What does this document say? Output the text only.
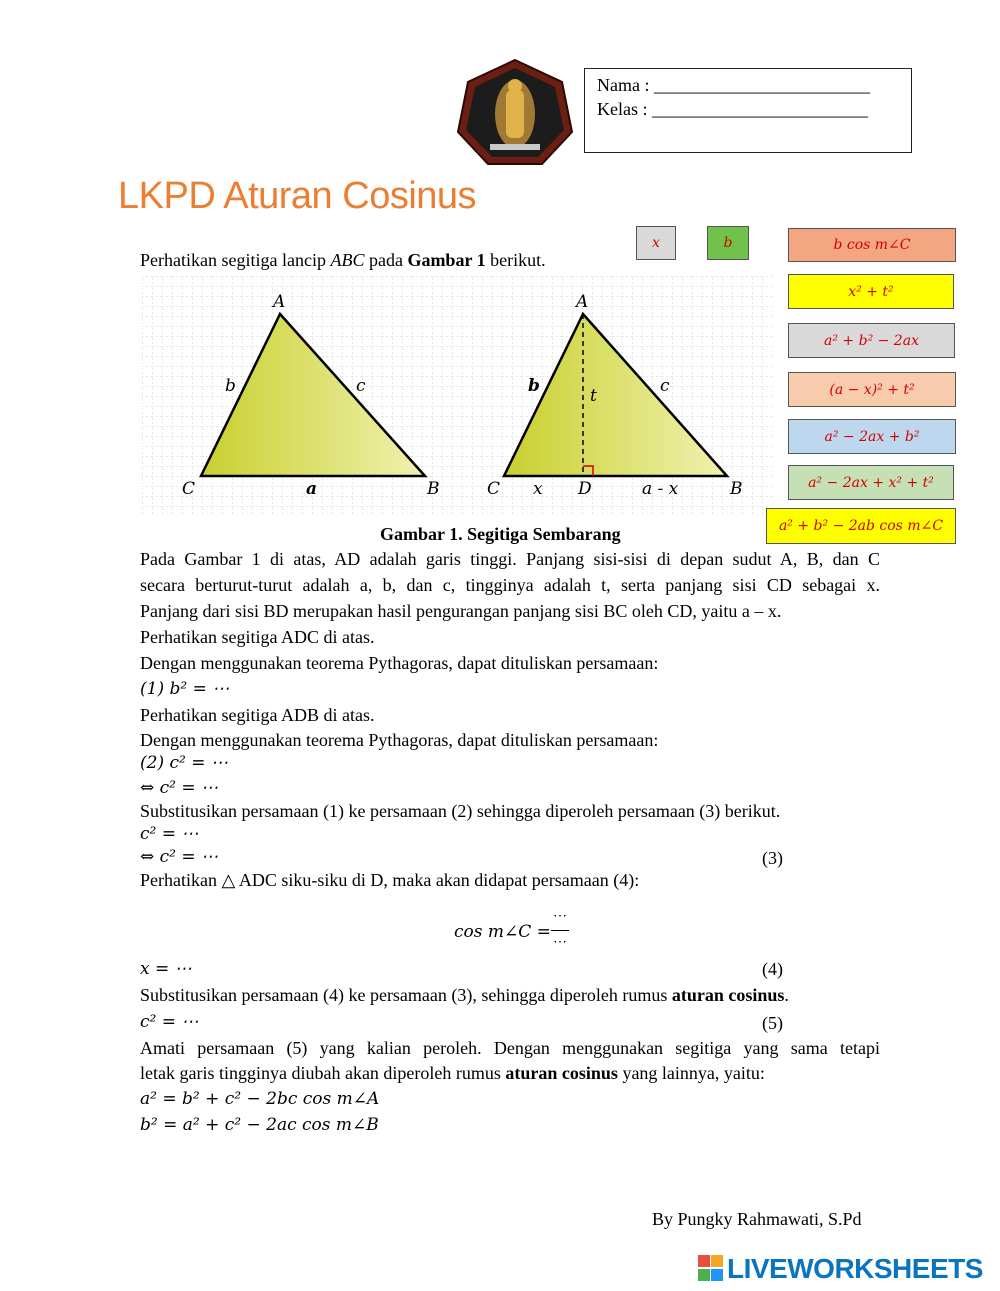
Nama : ________________________
Kelas : ________________________
LKPD Aturan Cosinus
x	b	b cos m∠C
x² + t²
a² + b² − 2ax
(a − x)² + t²
a² − 2ax + b²
a² − 2ax + x² + t²
a² + b² − 2ab cos m∠C
Perhatikan segitiga lancip ABC pada Gambar 1 berikut.
A
C	B
b	c
a
A
C	B
D
b	c
t
x	a - x
Gambar 1. Segitiga Sembarang
Pada Gambar 1 di atas, AD adalah garis tinggi. Panjang sisi-sisi di depan sudut A, B, dan C
secara berturut-turut adalah a, b, dan c, tingginya adalah t, serta panjang sisi CD sebagai x.
Panjang dari sisi BD merupakan hasil pengurangan panjang sisi BC oleh CD, yaitu a – x.
Perhatikan segitiga ADC di atas.
Dengan menggunakan teorema Pythagoras, dapat dituliskan persamaan:
(1) b² = ⋯
Perhatikan segitiga ADB di atas.
Dengan menggunakan teorema Pythagoras, dapat dituliskan persamaan:
(2) c² = ⋯
⇔ c² = ⋯
Substitusikan persamaan (1) ke persamaan (2) sehingga diperoleh persamaan (3) berikut.
c² = ⋯
⇔ c² = ⋯	(3)
Perhatikan △ ADC siku-siku di D, maka akan didapat persamaan (4):
cos m∠C =
⋯
⋯
x = ⋯	(4)
Substitusikan persamaan (4) ke persamaan (3), sehingga diperoleh rumus aturan cosinus.
c² = ⋯	(5)
Amati persamaan (5) yang kalian peroleh. Dengan menggunakan segitiga yang sama tetapi
letak garis tingginya diubah akan diperoleh rumus aturan cosinus yang lainnya, yaitu:
a² = b² + c² − 2bc cos m∠A
b² = a² + c² − 2ac cos m∠B
By Pungky Rahmawati, S.Pd
LIVEWORKSHEETS
